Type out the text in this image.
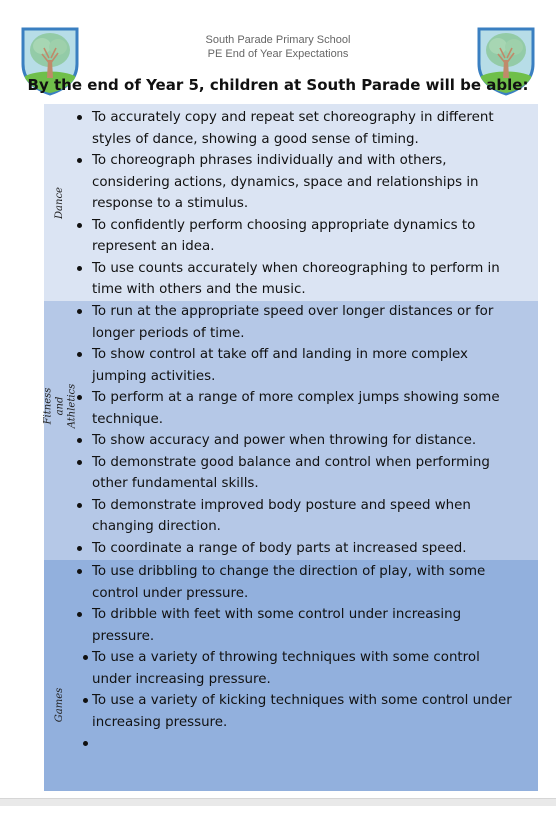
South Parade Primary School
PE End of Year Expectations
By the end of Year 5, children at South Parade will be able:
Dance
To accurately copy and repeat set choreography in different styles of dance, showing a good sense of timing.
To choreograph phrases individually and with others, considering actions, dynamics, space and relationships in response to a stimulus.
To confidently perform choosing appropriate dynamics to represent an idea.
To use counts accurately when choreographing to perform in time with others and the music.
Fitness and Athletics
To run at the appropriate speed over longer distances or for longer periods of time.
To show control at take off and landing in more complex jumping activities.
To perform at a range of more complex jumps showing some technique.
To show accuracy and power when throwing for distance.
To demonstrate good balance and control when performing other fundamental skills.
To demonstrate improved body posture and speed when changing direction.
To coordinate a range of body parts at increased speed.
Games
To use dribbling to change the direction of play, with some control under pressure.
To dribble with feet with some control under increasing pressure.
To use a variety of throwing techniques with some control under increasing pressure.
To use a variety of kicking techniques with some control under increasing pressure.
